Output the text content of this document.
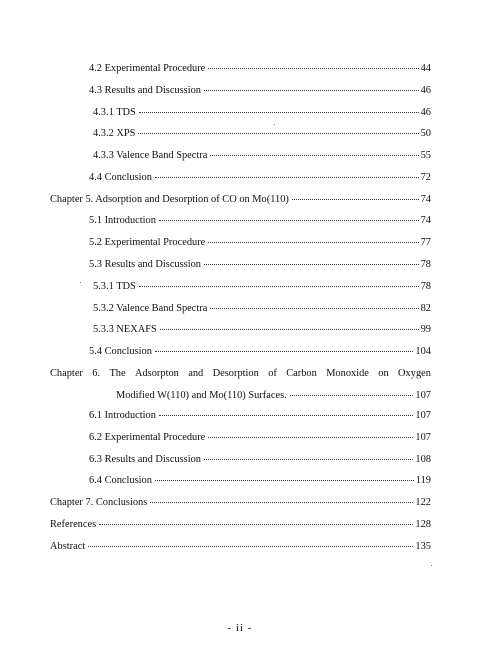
4.2 Experimental Procedure	44
4.3 Results and Discussion	46
4.3.1 TDS	46
4.3.2 XPS	50
4.3.3 Valence Band Spectra	55
4.4 Conclusion	72
Chapter 5. Adsorption and Desorption of CO on Mo(110)	74
5.1 Introduction	74
5.2 Experimental Procedure	77
5.3 Results and Discussion	78
5.3.1 TDS	78
5.3.2 Valence Band Spectra	82
5.3.3 NEXAFS	99
5.4 Conclusion	104
Chapter 6. The Adsorpton and Desorption of Carbon Monoxide on Oxygen
Modified W(110) and Mo(110) Surfaces.	107
6.1 Introduction	107
6.2 Experimental Procedure	107
6.3 Results and Discussion	108
6.4 Conclusion	119
Chapter 7. Conclusions	122
References	128
Abstract	135
- ii -
